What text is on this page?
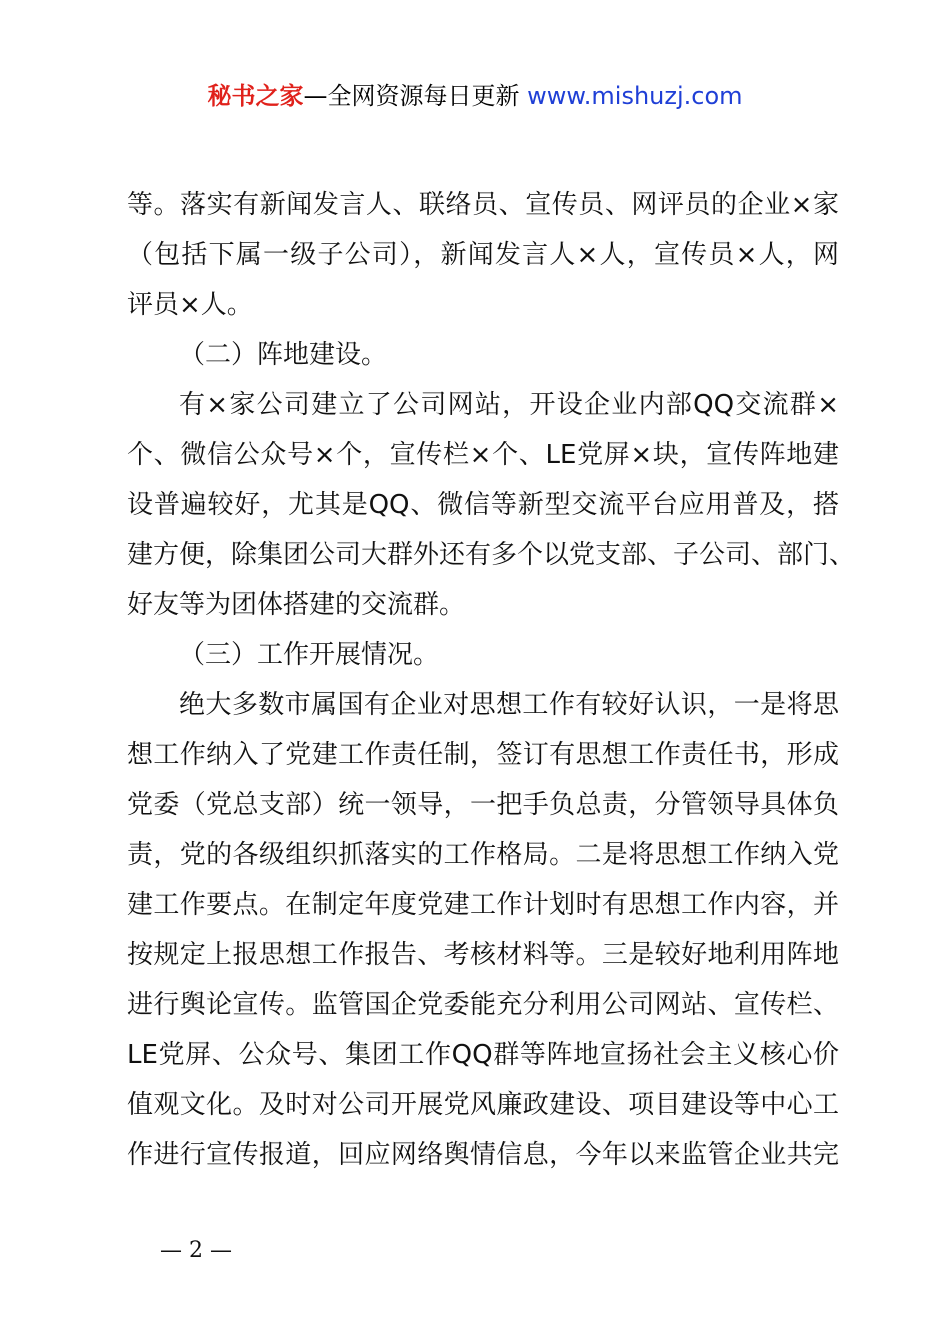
秘书之家—全网资源每日更新 www.mishuzj.com
等。落实有新闻发言人、联络员、宣传员、网评员的企业×家
（包括下属一级子公司），新闻发言人×人，宣传员×人，网
评员×人。
（二）阵地建设。
有×家公司建立了公司网站，开设企业内部QQ交流群×
个、微信公众号×个，宣传栏×个、LE党屏×块，宣传阵地建
设普遍较好，尤其是QQ、微信等新型交流平台应用普及，搭
建方便，除集团公司大群外还有多个以党支部、子公司、部门、
好友等为团体搭建的交流群。
（三）工作开展情况。
绝大多数市属国有企业对思想工作有较好认识，一是将思
想工作纳入了党建工作责任制，签订有思想工作责任书，形成
党委（党总支部）统一领导，一把手负总责，分管领导具体负
责，党的各级组织抓落实的工作格局。二是将思想工作纳入党
建工作要点。在制定年度党建工作计划时有思想工作内容，并
按规定上报思想工作报告、考核材料等。三是较好地利用阵地
进行舆论宣传。监管国企党委能充分利用公司网站、宣传栏、
LE党屏、公众号、集团工作QQ群等阵地宣扬社会主义核心价
值观文化。及时对公司开展党风廉政建设、项目建设等中心工
作进行宣传报道，回应网络舆情信息，今年以来监管企业共完
— 2 —
